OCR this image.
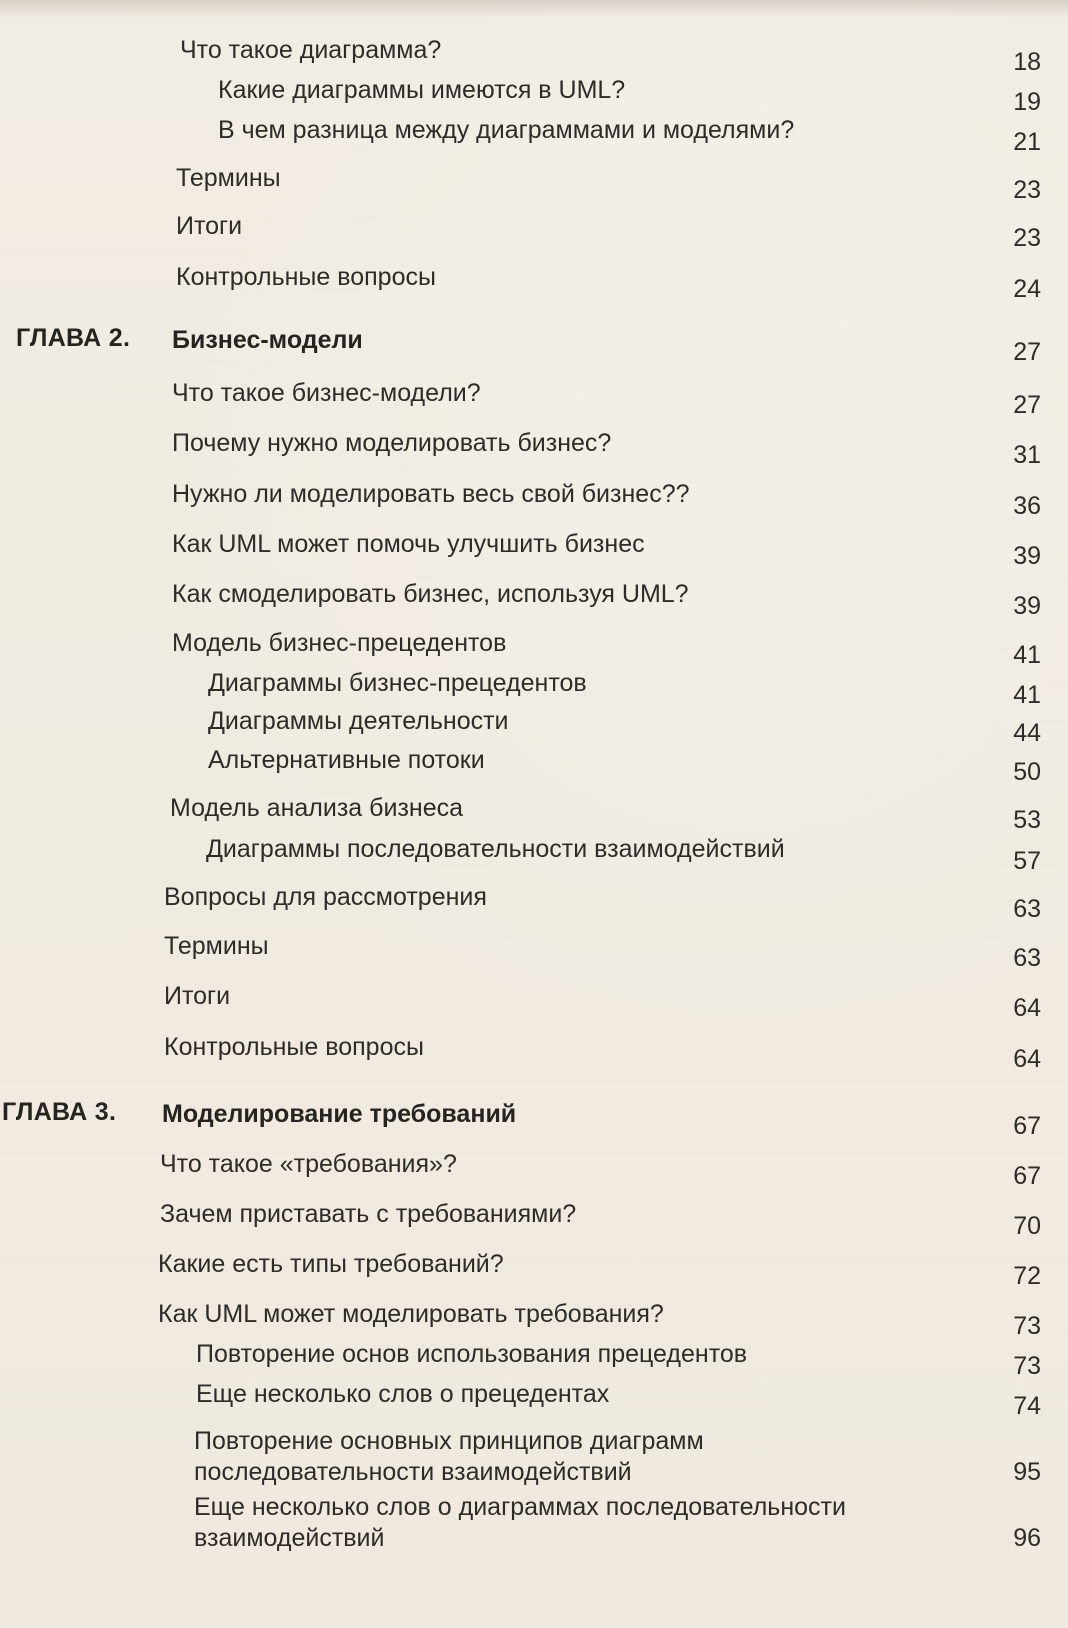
Что такое диаграмма?	18
Какие диаграммы имеются в UML?	19
В чем разница между диаграммами и моделями?	21
Термины	23
Итоги	23
Контрольные вопросы	24
ГЛАВА 2. Бизнес-модели	27
Что такое бизнес-модели?	27
Почему нужно моделировать бизнес?	31
Нужно ли моделировать весь свой бизнес??	36
Как UML может помочь улучшить бизнес	39
Как смоделировать бизнес, используя UML?	39
Модель бизнес-прецедентов	41
Диаграммы бизнес-прецедентов	41
Диаграммы деятельности	44
Альтернативные потоки	50
Модель анализа бизнеса	53
Диаграммы последовательности взаимодействий	57
Вопросы для рассмотрения	63
Термины	63
Итоги	64
Контрольные вопросы	64
ГЛАВА 3. Моделирование требований	67
Что такое «требования»?	67
Зачем приставать с требованиями?	70
Какие есть типы требований?	72
Как UML может моделировать требования?	73
Повторение основ использования прецедентов	73
Еще несколько слов о прецедентах	74
Повторение основных принципов диаграмм последовательности взаимодействий	95
Еще несколько слов о диаграммах последовательности взаимодействий	96
